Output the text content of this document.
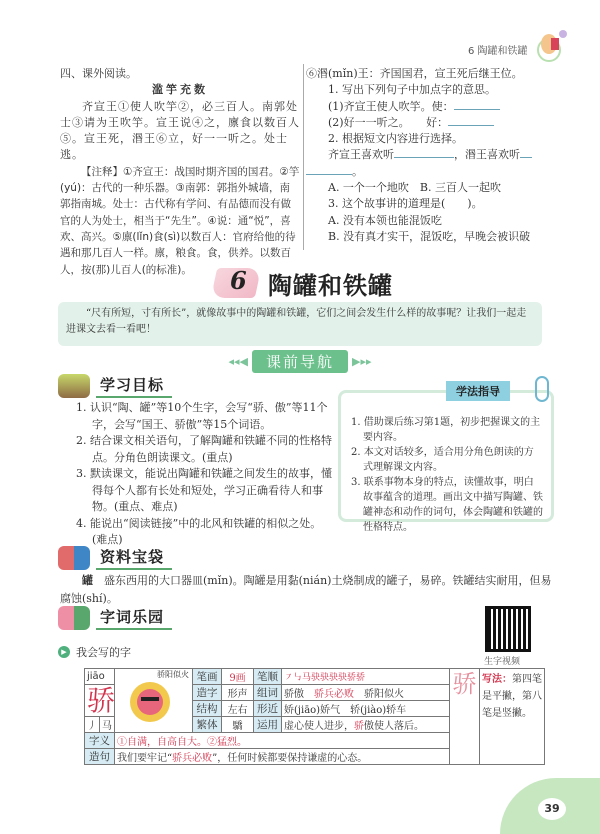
6 陶罐和铁罐
四、课外阅读。
滥竽充数
齐宣王①使人吹竽②，必三百人。南郭处士③请为王吹竽。宣王说④之，廪食以数百人⑤。宣王死，湣王⑥立，好一一听之。处士逃。
【注释】①齐宣王：战国时期齐国的国君。②竽(yú)：古代的一种乐器。③南郭：郭指外城墙，南郭指南城。处士：古代称有学问、有品德而没有做官的人为处士，相当于“先生”。④说：通“悦”，喜欢、高兴。⑤廪(lǐn)食(sì)以数百人：官府给他的待遇和那几百人一样。廪，粮食。食，供养。以数百人，按(那)儿百人(的标准)。
⑥湣(mǐn)王：齐国国君，宣王死后继王位。
1. 写出下列句子中加点字的意思。
(1)齐宣王使人吹竽。使：
(2)好一一听之。　　好：
2. 根据短文内容进行选择。
齐宣王喜欢听	，湣王喜欢听
。
A. 一个一个地吹　B. 三百人一起吹
3. 这个故事讲的道理是(　　)。
A. 没有本领也能混饭吃
B. 没有真才实干，混饭吃，早晚会被识破
6 陶罐和铁罐
“尺有所短，寸有所长”，就像故事中的陶罐和铁罐，它们之间会发生什么样的故事呢？让我们一起走进课文去看一看吧！
◂◂◀	课前导航	▶▸▸
学习目标
1. 认识“陶、罐”等10个生字，会写“骄、傲”等11个字，会写“国王、骄傲”等15个词语。
2. 结合课文相关语句，了解陶罐和铁罐不同的性格特点。分角色朗读课文。(重点)
3. 默读课文，能说出陶罐和铁罐之间发生的故事，懂得每个人都有长处和短处，学习正确看待人和事物。(重点、难点)
4. 能说出“阅读链接”中的北风和铁罐的相似之处。(难点)
1. 借助课后练习第1题，初步把握课文的主要内容。
2. 本文对话较多，适合用分角色朗读的方式理解课文内容。
3. 联系事物本身的特点，读懂故事，明白故事蕴含的道理。画出文中描写陶罐、铁罐神态和动作的词句，体会陶罐和铁罐的性格特点。
学法指导
资料宝袋
罐　 盛东西用的大口器皿(mǐn)。陶罐是用黏(nián)土烧制成的罐子，易碎。铁罐结实耐用，但易腐蚀(shí)。
字词乐园
生字视频
▶ 我会写的字
jiāo		骄阳似火	笔画	9画	笔顺	㇇㇉马𫘝𫘝𫘝𫘝骄骄	骄	写法：第四笔是平撇，第八笔是竖撇。
骄			造字	形声	组词	骄傲　 骄兵必败　 骄阳似火		
			结构	左右	形近	娇(jiāo)娇气　轿(jiào)轿车		
丿	马		繁体	驕	运用	虚心使人进步，骄傲使人落后。		
字义		①自满，自高自大。②猛烈。						
造句		我们要牢记“骄兵必败”，任何时候都要保持谦虚的心态。						
39
